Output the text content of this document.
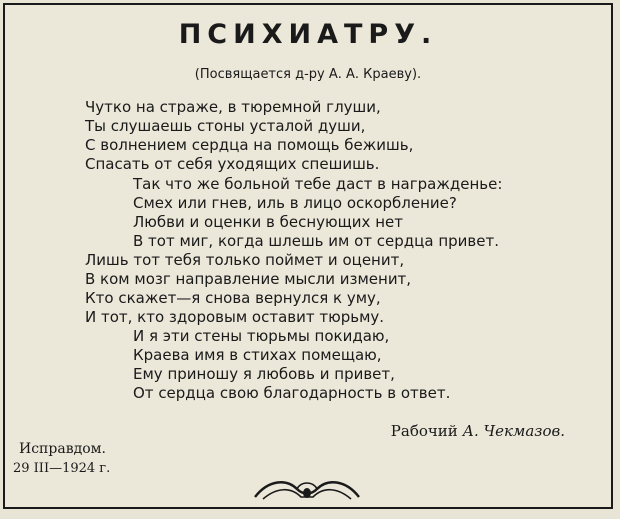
ПСИХИАТРУ.

(Посвящается д-ру А. А. Краеву).

Чутко на страже, в тюремной глуши,
Ты слушаешь стоны усталой души,
С волнением сердца на помощь бежишь,
Спасать от себя уходящих спешишь.
Так что же больной тебе даст в награжденье:
Смех или гнев, иль в лицо оскорбление?
Любви и оценки в беснующих нет
В тот миг, когда шлешь им от сердца привет.
Лишь тот тебя только поймет и оценит,
В ком мозг направление мысли изменит,
Кто скажет—я снова вернулся к уму,
И тот, кто здоровым оставит тюрьму.
И я эти стены тюрьмы покидаю,
Краева имя в стихах помещаю,
Ему приношу я любовь и привет,
От сердца свою благодарность в ответ.
Рабочий А. Чекмазов.
Исправдом.
29 III—1924 г.
